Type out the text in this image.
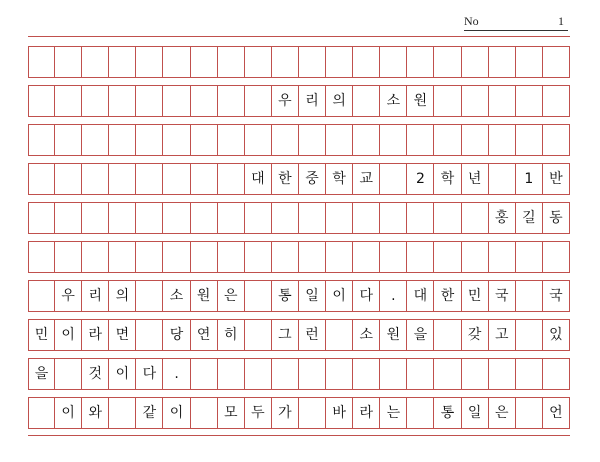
No	1
우 리 의	소 원
대 한 중 학 교	2	학 년	1	반
홍 길 동
우 리 의	소 원 은	통 일 이 다	.	대 한 민 국	국
민 이 라 면	당 연 히	그 런	소 원 을	갖 고	있
을	것 이 다	.
이 와	같 이	모 두 가	바 라 는	통 일 은	언
